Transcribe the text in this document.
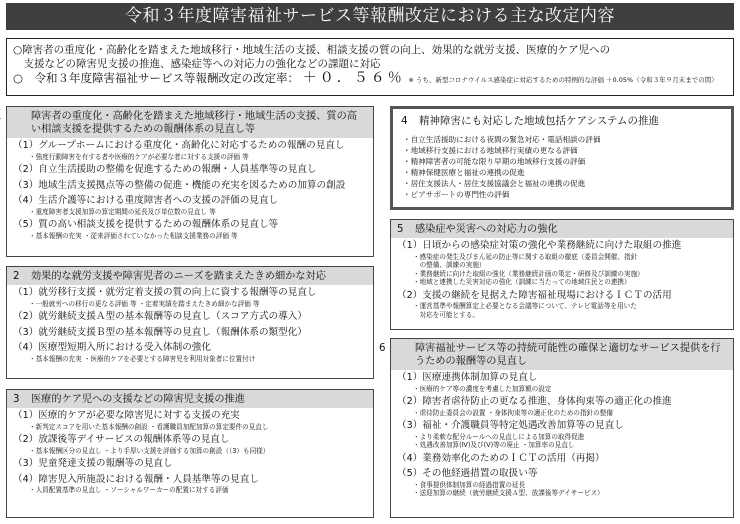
令和３年度障害福祉サービス等報酬改定における主な改定内容
○障害者の重度化・高齢化を踏まえた地域移行・地域生活の支援、相談支援の質の向上、効果的な就労支援、医療的ケア児への
　支援などの障害児支援の推進、感染症等への対応力の強化などの課題に対応
○　令和３年度障害福祉サービス等報酬改定の改定率： ＋０．５６％ ※ うち、新型コロナウイルス感染症に対応するための特例的な評価 ＋0.05%（令和３年９月末までの間）
障害者の重度化・高齢化を踏まえた地域移行・地域生活の支援、質の高い相談支援を提供するための報酬体系の見直し等
（1）グループホームにおける重度化・高齢化に対応するための報酬の見直し
・強度行動障害を有する者や医療的ケアが必要な者に対する支援の評価 等
（2）自立生活援助の整備を促進するための報酬・人員基準等の見直し
（3）地域生活支援拠点等の整備の促進・機能の充実を図るための加算の創設
（4）生活介護等における重度障害者への支援の評価の見直し
・重度障害者支援加算の算定期間の延長及び単位数の見直し 等
（5）質の高い相談支援を提供するための報酬体系の見直し等
・基本報酬の充実 ・従来評価されていなかった相談支援業務の評価 等
2 効果的な就労支援や障害児者のニーズを踏まえたきめ細かな対応
（1）就労移行支援・就労定着支援の質の向上に資する報酬等の見直し
・一般就労への移行の更なる評価 等 ・定着実績を踏まえたきめ細かな評価 等
（2）就労継続支援Ａ型の基本報酬等の見直し（スコア方式の導入）
（3）就労継続支援Ｂ型の基本報酬等の見直し（報酬体系の類型化）
（4）医療型短期入所における受入体制の強化
・基本報酬の充実 ・医療的ケアを必要とする障害児を利用対象者に位置付け
3 医療的ケア児への支援などの障害児支援の推進
（1）医療的ケアが必要な障害児に対する支援の充実
・新判定スコアを用いた基本報酬の創設 ・看護職員加配加算の算定要件の見直し
（2）放課後等デイサービスの報酬体系等の見直し
・基本報酬区分の見直し ・より手厚い支援を評価する加算の創設（（3）も同様）
（3）児童発達支援の報酬等の見直し
（4）障害児入所施設における報酬・人員基準等の見直し
・人員配置基準の見直し ・ソーシャルワーカーの配置に対する評価
4 精神障害にも対応した地域包括ケアシステムの推進
・自立生活援助における夜間の緊急対応・電話相談の評価
・地域移行支援における地域移行実績の更なる評価
・精神障害者の可能な限り早期の地域移行支援の評価
・精神保健医療と福祉の連携の促進
・居住支援法人・居住支援協議会と福祉の連携の促進
・ピアサポートの専門性の評価
5 感染症や災害への対応力の強化
（1）日頃からの感染症対策の強化や業務継続に向けた取組の推進
・感染症の発生及びまん延の防止等に関する取組の徹底（委員会開催、指針
　の整備、訓練の実施）
・業務継続に向けた取組の強化（業務継続計画の策定・研修及び訓練の実施）
・地域と連携した災害対応の強化（訓練に当たっての地域住民との連携）
（2）支援の継続を見据えた障害福祉現場におけるＩＣＴの活用
・運営基準や報酬算定上必要となる会議等について、テレビ電話等を用いた
　対応を可能とする。
6	障害福祉サービス等の持続可能性の確保と適切なサービス提供を行うための報酬等の見直し
（1）医療連携体制加算の見直し
・医療的ケア等の濃度を考慮した加算額の設定
（2）障害者虐待防止の更なる推進、身体拘束等の適正化の推進
・虐待防止委員会の設置 ・身体拘束等の適正化のための指針の整備
（3）福祉・介護職員等特定処遇改善加算等の見直し
・より柔軟な配分ルールへの見直しによる加算の取得促進
・処遇改善加算(Ⅳ)及び(Ⅴ)等の廃止 ・加算率の見直し
（4）業務効率化のためのＩＣＴの活用（再掲）
（5）その他経過措置の取扱い等
・食事提供体制加算の経過措置の延長
・送迎加算の継続（就労継続支援Ａ型、放課後等デイサービス）
